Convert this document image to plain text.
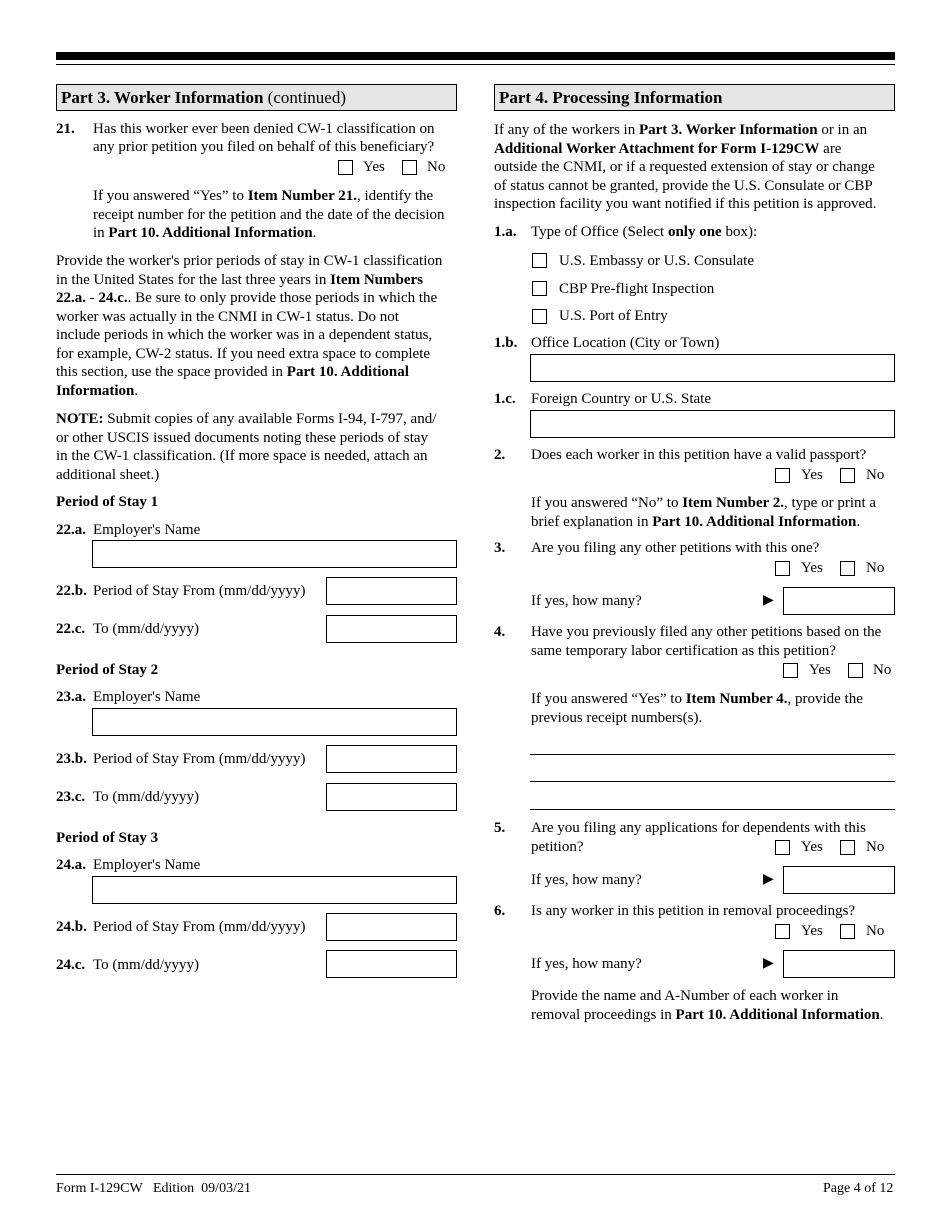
Part 3. Worker Information (continued)
21. Has this worker ever been denied CW-1 classification on
any prior petition you filed on behalf of this beneficiary?
Yes	No

If you answered “Yes” to Item Number 21., identify the

receipt number for the petition and the date of the decision

in Part 10. Additional Information.

Provide the worker's prior periods of stay in CW-1 classification

in the United States for the last three years in Item Numbers

22.a. - 24.c.. Be sure to only provide those periods in which the

worker was actually in the CNMI in CW-1 status. Do not

include periods in which the worker was in a dependent status,

for example, CW-2 status. If you need extra space to complete

this section, use the space provided in Part 10. Additional

Information.

NOTE: Submit copies of any available Forms I-94, I-797, and/

or other USCIS issued documents noting these periods of stay

in the CW-1 classification. (If more space is needed, attach an

additional sheet.)

Period of Stay 1
22.a. Employer's Name
22.b. Period of Stay From (mm/dd/yyyy)
22.c. To (mm/dd/yyyy)
Period of Stay 2
23.a. Employer's Name
23.b. Period of Stay From (mm/dd/yyyy)
23.c. To (mm/dd/yyyy)
Period of Stay 3
24.a. Employer's Name
24.b. Period of Stay From (mm/dd/yyyy)
24.c. To (mm/dd/yyyy)
Part 4. Processing Information

If any of the workers in Part 3. Worker Information or in an

Additional Worker Attachment for Form I-129CW are

outside the CNMI, or if a requested extension of stay or change

of status cannot be granted, provide the U.S. Consulate or CBP

inspection facility you want notified if this petition is approved.

1.a. Type of Office (Select only one box):
U.S. Embassy or U.S. Consulate
CBP Pre-flight Inspection
U.S. Port of Entry
1.b. Office Location (City or Town)
1.c. Foreign Country or U.S. State
2. Does each worker in this petition have a valid passport?
Yes	No

If you answered “No” to Item Number 2., type or print a

brief explanation in Part 10. Additional Information.

3. Are you filing any other petitions with this one?
Yes	No
If yes, how many?	▶
4. Have you previously filed any other petitions based on the

same temporary labor certification as this petition?

Yes	No

If you answered “Yes” to Item Number 4., provide the

previous receipt numbers(s).

5. Are you filing any applications for dependents with this

petition?	Yes	No
If yes, how many?	▶
6. Is any worker in this petition in removal proceedings?
Yes	No
If yes, how many?	▶

Provide the name and A-Number of each worker in

removal proceedings in Part 10. Additional Information.

Form I-129CW   Edition  09/03/21	Page 4 of 12
